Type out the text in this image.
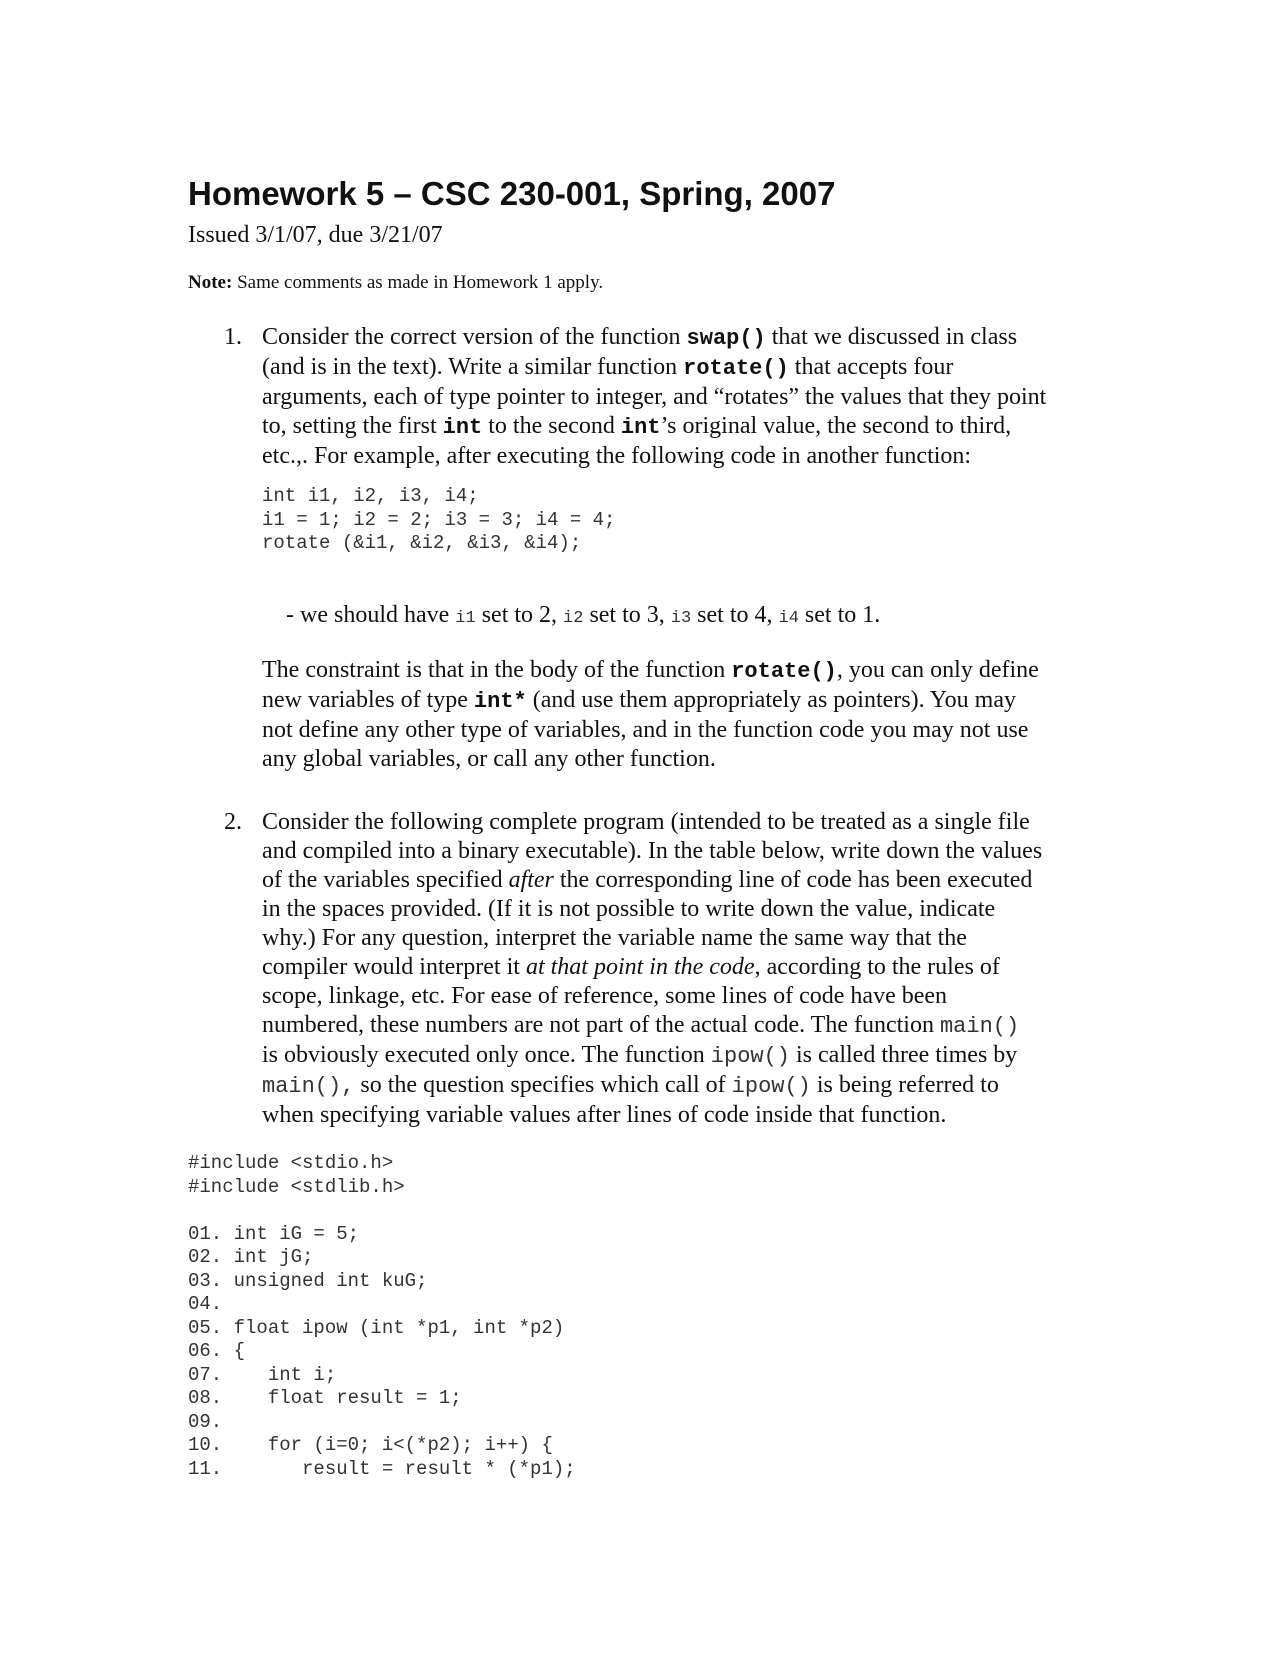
Homework 5 – CSC 230-001, Spring, 2007
Issued 3/1/07, due 3/21/07
Note: Same comments as made in Homework 1 apply.
1. Consider the correct version of the function swap() that we discussed in class
(and is in the text). Write a similar function rotate() that accepts four
arguments, each of type pointer to integer, and “rotates” the values that they point
to, setting the first int to the second int’s original value, the second to third,
etc.,. For example, after executing the following code in another function:
int i1, i2, i3, i4;
i1 = 1; i2 = 2; i3 = 3; i4 = 4;
rotate (&i1, &i2, &i3, &i4);
- we should have i1 set to 2, i2 set to 3, i3 set to 4, i4 set to 1.
The constraint is that in the body of the function rotate(), you can only define
new variables of type int* (and use them appropriately as pointers). You may
not define any other type of variables, and in the function code you may not use
any global variables, or call any other function.
2. Consider the following complete program (intended to be treated as a single file
and compiled into a binary executable). In the table below, write down the values
of the variables specified after the corresponding line of code has been executed
in the spaces provided. (If it is not possible to write down the value, indicate
why.) For any question, interpret the variable name the same way that the
compiler would interpret it at that point in the code, according to the rules of
scope, linkage, etc. For ease of reference, some lines of code have been
numbered, these numbers are not part of the actual code. The function main()
is obviously executed only once. The function ipow() is called three times by
main(), so the question specifies which call of ipow() is being referred to
when specifying variable values after lines of code inside that function.
#include <stdio.h>
#include <stdlib.h>
01. int iG = 5;
02. int jG;
03. unsigned int kuG;
04.
05. float ipow (int *p1, int *p2)
06. {
07.    int i;
08.    float result = 1;
09.
10.    for (i=0; i<(*p2); i++) {
11.       result = result * (*p1);
